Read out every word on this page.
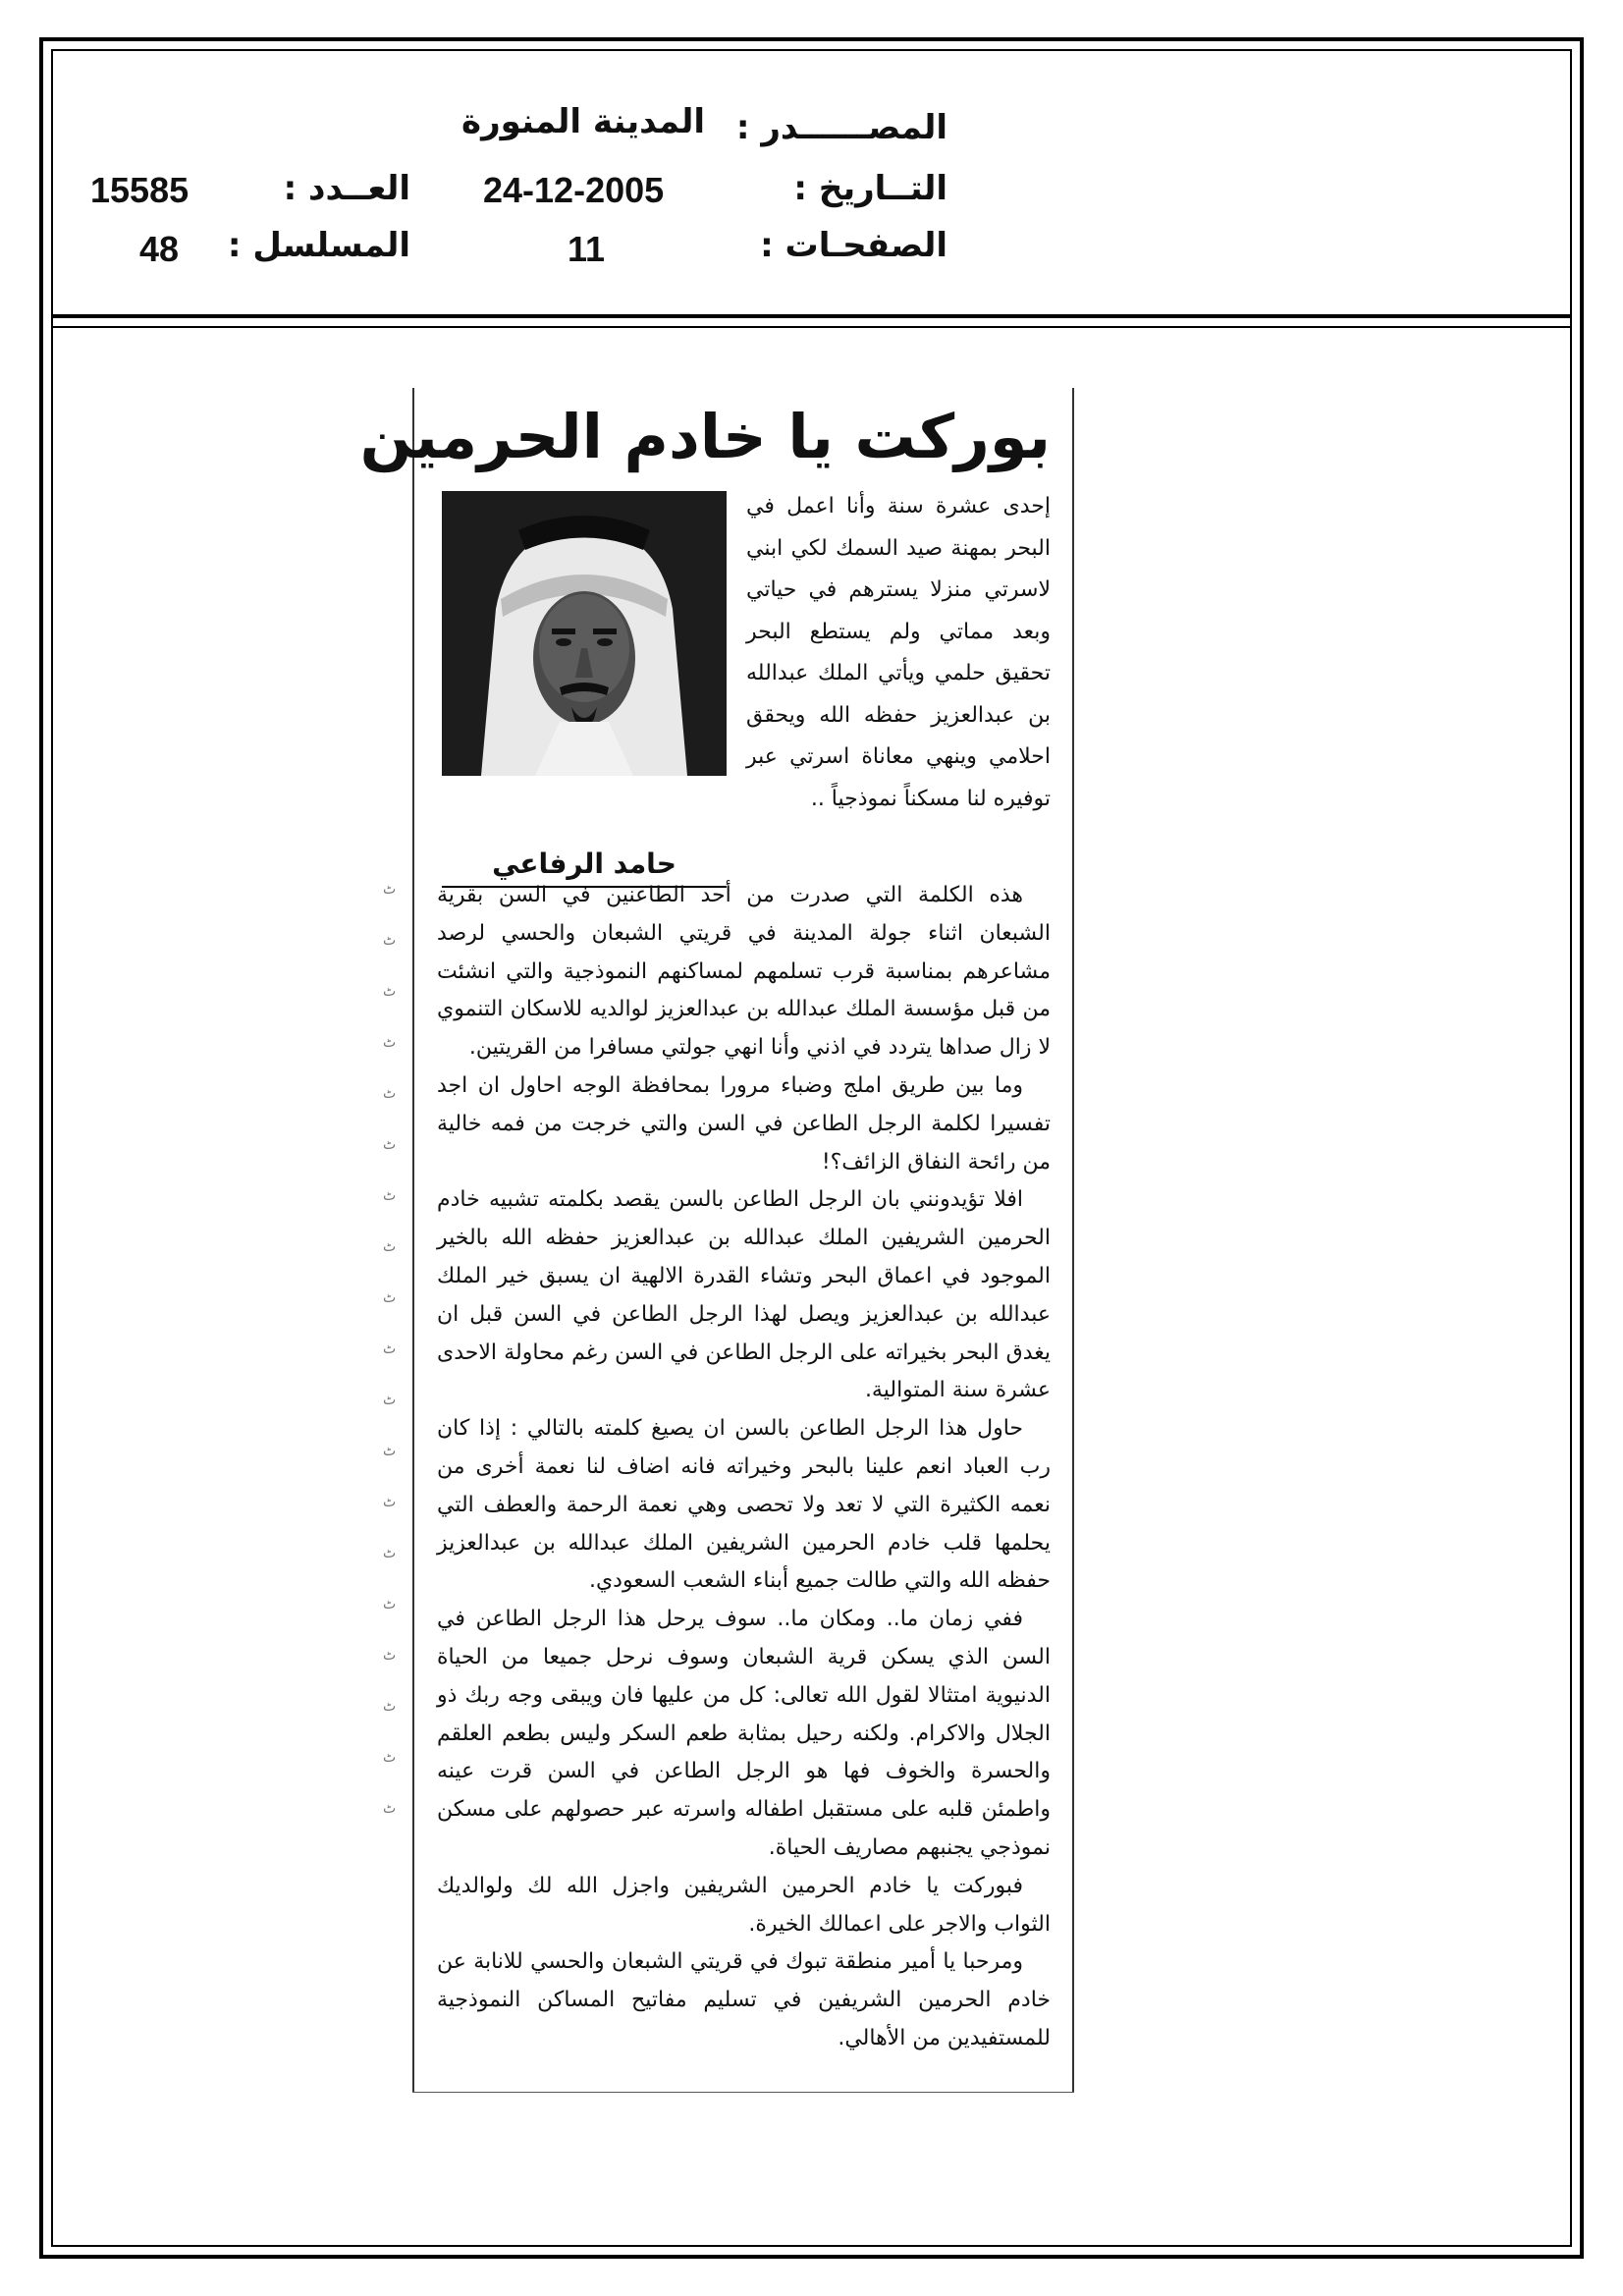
المصــــــدر :
المدينة المنورة
التــاريخ :
24-12-2005
العــدد :
15585
الصفحـات :
11
المسلسل :
48
ٹ
ٹ
ٹ
ٹ
ٹ
ٹ
ٹ
ٹ
ٹ
ٹ
ٹ
ٹ
ٹ
ٹ
ٹ
ٹ
ٹ
ٹ
ٹ
بوركت يا خادم الحرمين
حامد الرفاعي

إحدى عشرة سنة وأنا اعمل في البحر بمهنة صيد السمك لكي ابني لاسرتي منزلا يسترهم في حياتي وبعد مماتي ولم يستطع البحر تحقيق حلمي ويأتي الملك عبدالله بن عبدالعزيز حفظه الله ويحقق احلامي وينهي معاناة اسرتي عبر توفيره لنا مسكناً نموذجياً ..

هذه الكلمة التي صدرت من أحد الطاعنين في السن بقرية الشبعان اثناء جولة المدينة في قريتي الشبعان والحسي لرصد مشاعرهم بمناسبة قرب تسلمهم لمساكنهم النموذجية والتي انشئت من قبل مؤسسة الملك عبدالله بن عبدالعزيز لوالديه للاسكان التنموي لا زال صداها يتردد في اذني وأنا انهي جولتي مسافرا من القريتين.

وما بين طريق املج وضباء مرورا بمحافظة الوجه احاول ان اجد تفسيرا لكلمة الرجل الطاعن في السن والتي خرجت من فمه خالية من رائحة النفاق الزائف؟!

افلا تؤيدونني بان الرجل الطاعن بالسن يقصد بكلمته تشبيه خادم الحرمين الشريفين الملك عبدالله بن عبدالعزيز حفظه الله بالخير الموجود في اعماق البحر وتشاء القدرة الالهية ان يسبق خير الملك عبدالله بن عبدالعزيز ويصل لهذا الرجل الطاعن في السن قبل ان يغدق البحر بخيراته على الرجل الطاعن في السن رغم محاولة الاحدى عشرة سنة المتوالية.

حاول هذا الرجل الطاعن بالسن ان يصيغ كلمته بالتالي : إذا كان رب العباد انعم علينا بالبحر وخيراته فانه اضاف لنا نعمة أخرى من نعمه الكثيرة التي لا تعد ولا تحصى وهي نعمة الرحمة والعطف التي يحلمها قلب خادم الحرمين الشريفين الملك عبدالله بن عبدالعزيز حفظه الله والتي طالت جميع أبناء الشعب السعودي.

ففي زمان ما.. ومكان ما.. سوف يرحل هذا الرجل الطاعن في السن الذي يسكن قرية الشبعان وسوف نرحل جميعا من الحياة الدنيوية امتثالا لقول الله تعالى: كل من عليها فان ويبقى وجه ربك ذو الجلال والاكرام. ولكنه رحيل بمثابة طعم السكر وليس بطعم العلقم والحسرة والخوف فها هو الرجل الطاعن في السن قرت عينه واطمئن قلبه على مستقبل اطفاله واسرته عبر حصولهم على مسكن نموذجي يجنبهم مصاريف الحياة.

فبوركت يا خادم الحرمين الشريفين واجزل الله لك ولوالديك الثواب والاجر على اعمالك الخيرة.

ومرحبا يا أمير منطقة تبوك في قريتي الشبعان والحسي للانابة عن خادم الحرمين الشريفين في تسليم مفاتيح المساكن النموذجية للمستفيدين من الأهالي.
